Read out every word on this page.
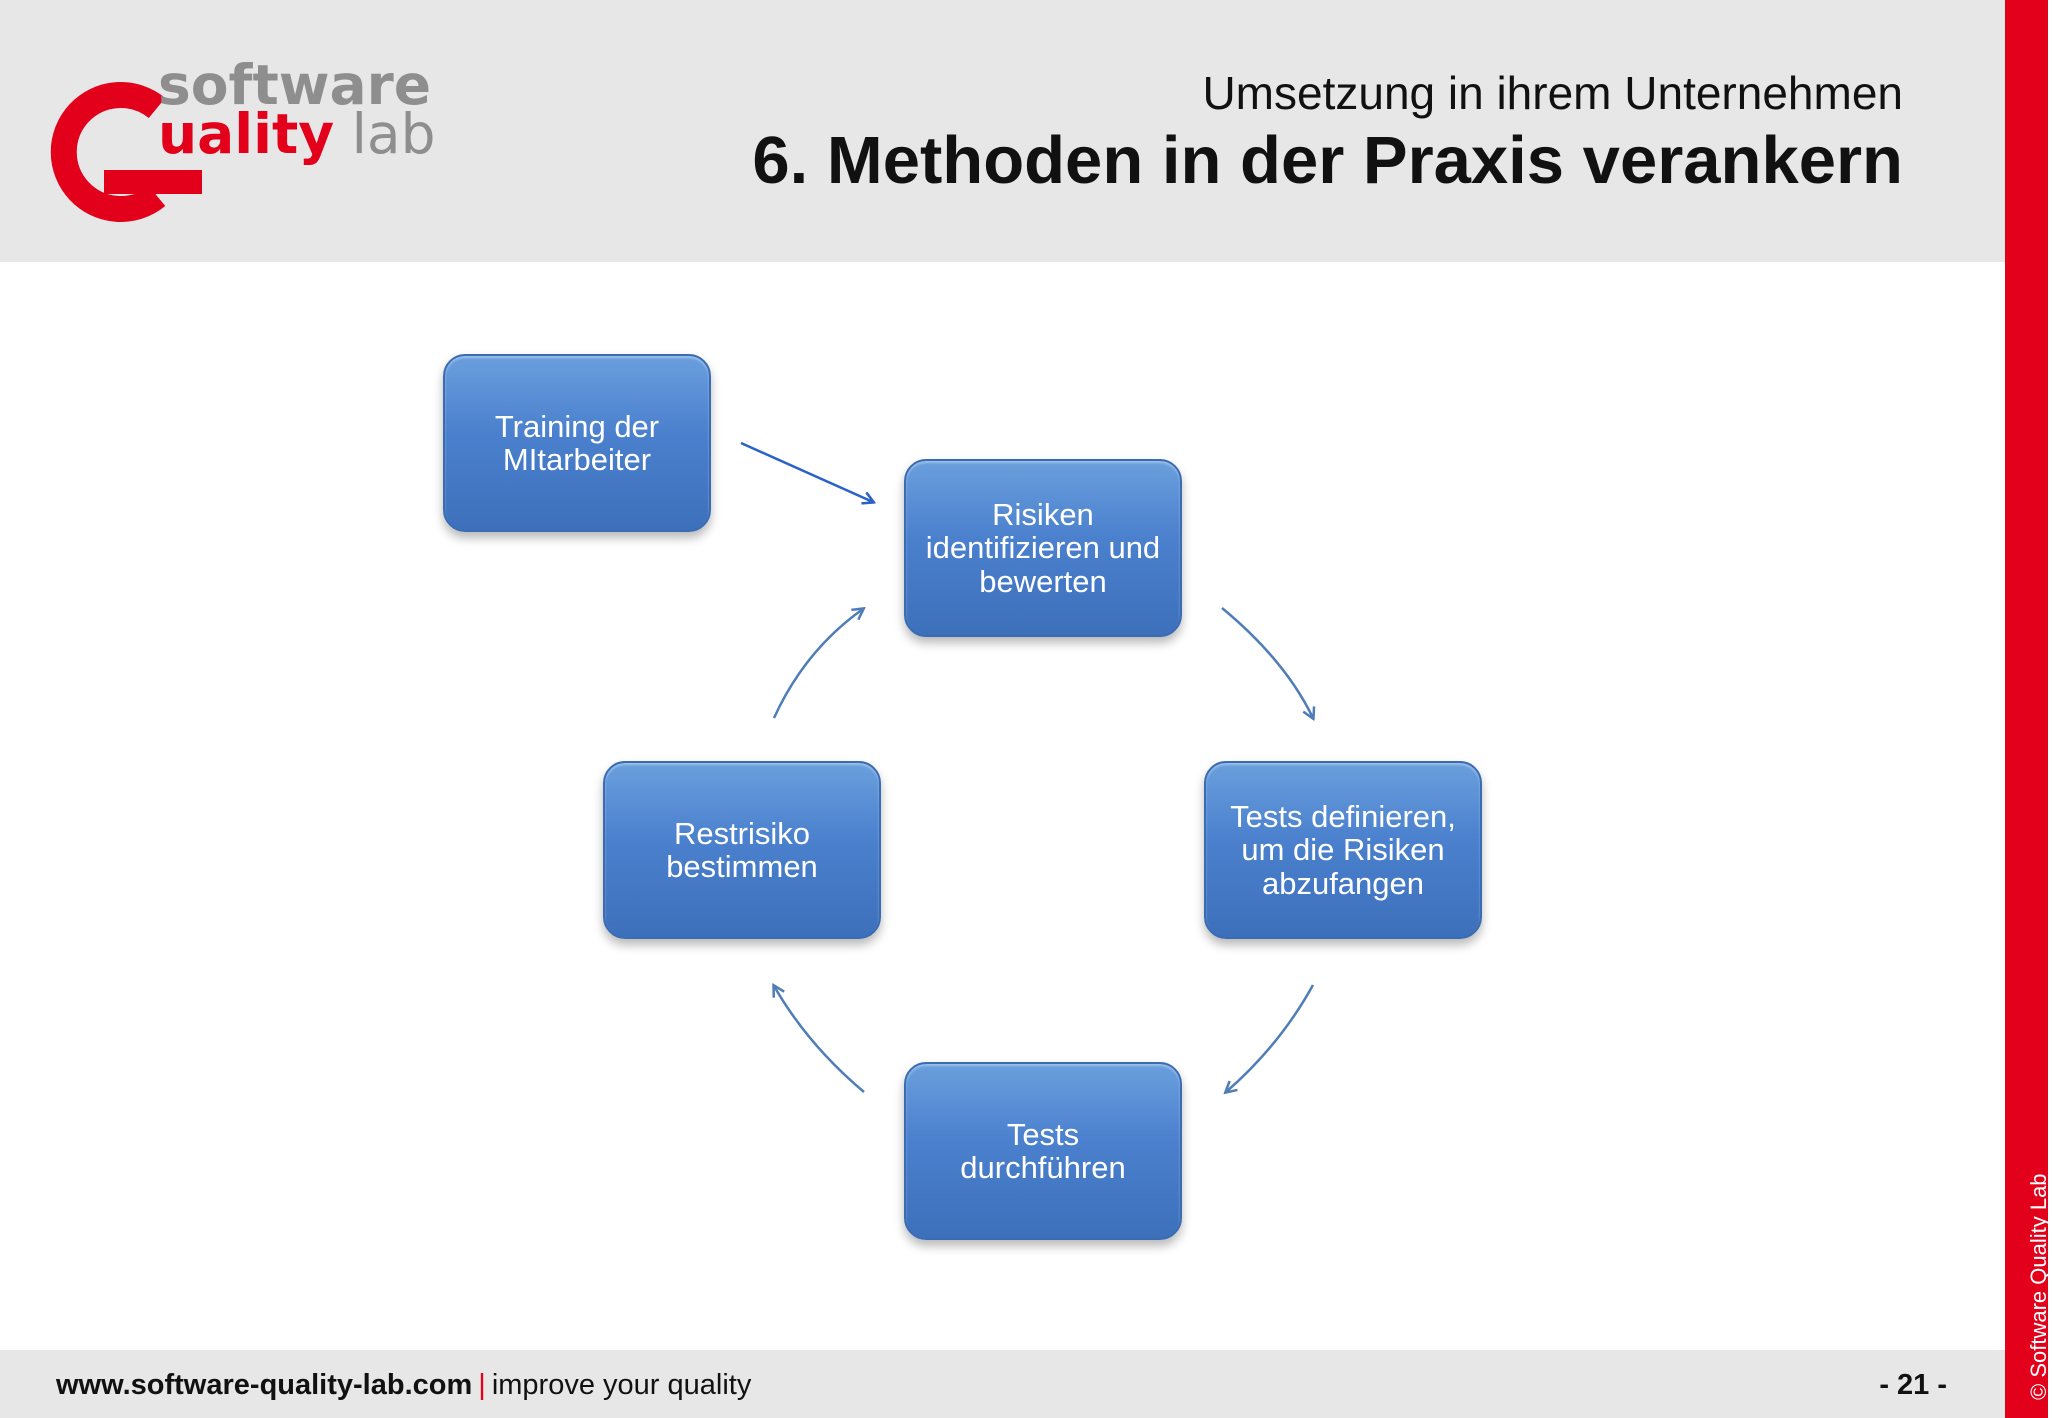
software
uality lab
Umsetzung in ihrem Unternehmen
6. Methoden in der Praxis verankern
Training der
MItarbeiter
Risiken
identifizieren und
bewerten
Tests definieren,
um die Risiken
abzufangen
Tests
durchführen
Restrisiko
bestimmen
www.software-quality-lab.com | improve your quality	- 21 -	© Software Quality Lab
